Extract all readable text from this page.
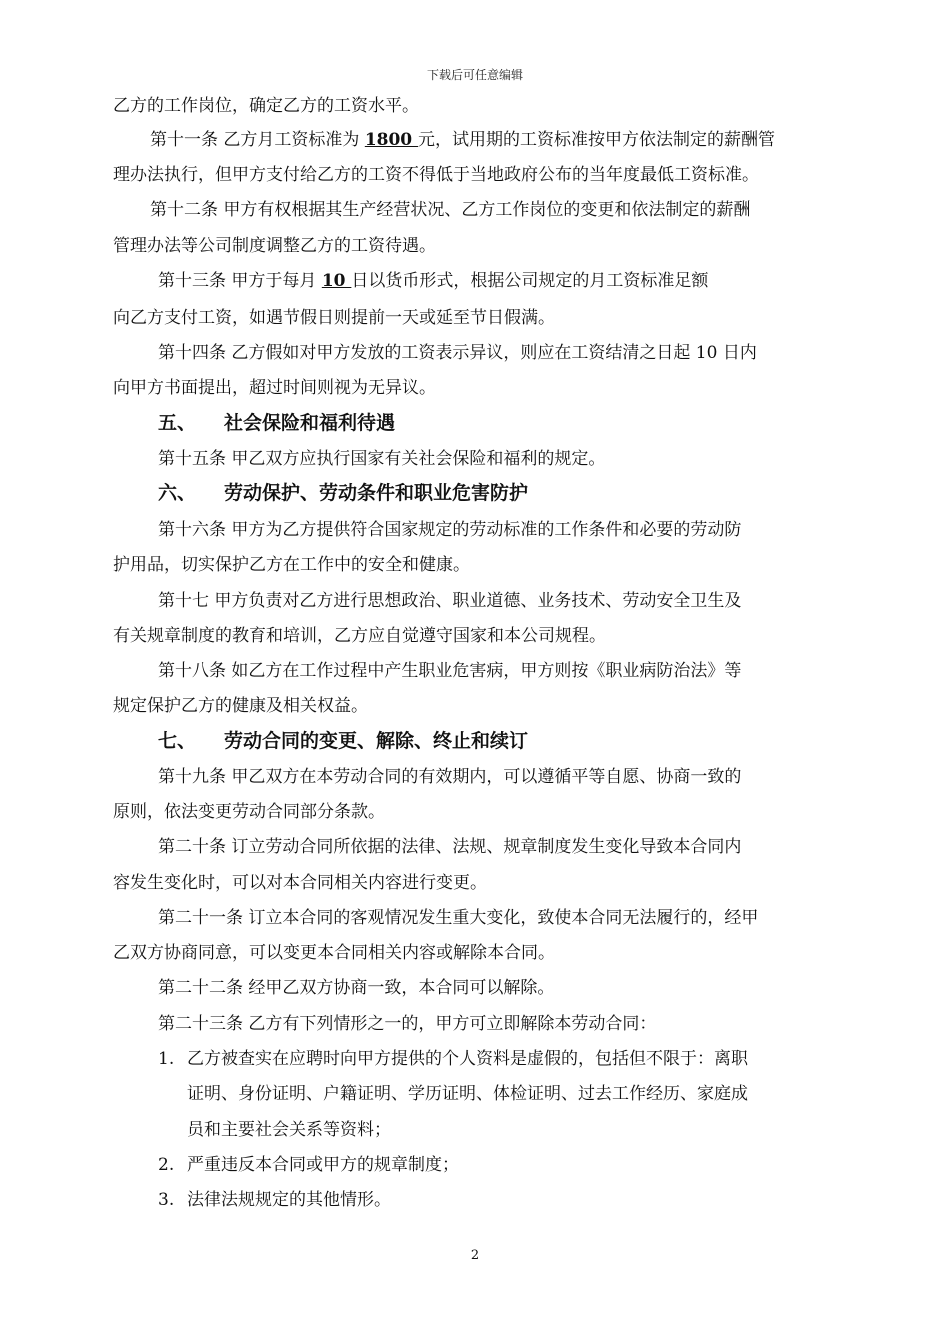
下载后可任意编辑
乙方的工作岗位，确定乙方的工资水平。
第十一条 乙方月工资标准为 1800 元，试用期的工资标准按甲方依法制定的薪酬管
理办法执行，但甲方支付给乙方的工资不得低于当地政府公布的当年度最低工资标准。
第十二条 甲方有权根据其生产经营状况、乙方工作岗位的变更和依法制定的薪酬
管理办法等公司制度调整乙方的工资待遇。
第十三条 甲方于每月 10 日以货币形式，根据公司规定的月工资标准足额
向乙方支付工资，如遇节假日则提前一天或延至节日假满。
第十四条 乙方假如对甲方发放的工资表示异议，则应在工资结清之日起 10 日内
向甲方书面提出，超过时间则视为无异议。
五、 社会保险和福利待遇
第十五条 甲乙双方应执行国家有关社会保险和福利的规定。
六、 劳动保护、劳动条件和职业危害防护
第十六条 甲方为乙方提供符合国家规定的劳动标准的工作条件和必要的劳动防
护用品，切实保护乙方在工作中的安全和健康。
第十七 甲方负责对乙方进行思想政治、职业道德、业务技术、劳动安全卫生及
有关规章制度的教育和培训，乙方应自觉遵守国家和本公司规程。
第十八条 如乙方在工作过程中产生职业危害病，甲方则按《职业病防治法》等
规定保护乙方的健康及相关权益。
七、 劳动合同的变更、解除、终止和续订
第十九条 甲乙双方在本劳动合同的有效期内，可以遵循平等自愿、协商一致的
原则，依法变更劳动合同部分条款。
第二十条 订立劳动合同所依据的法律、法规、规章制度发生变化导致本合同内
容发生变化时，可以对本合同相关内容进行变更。
第二十一条 订立本合同的客观情况发生重大变化，致使本合同无法履行的，经甲
乙双方协商同意，可以变更本合同相关内容或解除本合同。
第二十二条 经甲乙双方协商一致，本合同可以解除。
第二十三条 乙方有下列情形之一的，甲方可立即解除本劳动合同：
1. 乙方被查实在应聘时向甲方提供的个人资料是虚假的，包括但不限于：离职
证明、身份证明、户籍证明、学历证明、体检证明、过去工作经历、家庭成
员和主要社会关系等资料；
2. 严重违反本合同或甲方的规章制度；
3. 法律法规规定的其他情形。
2
